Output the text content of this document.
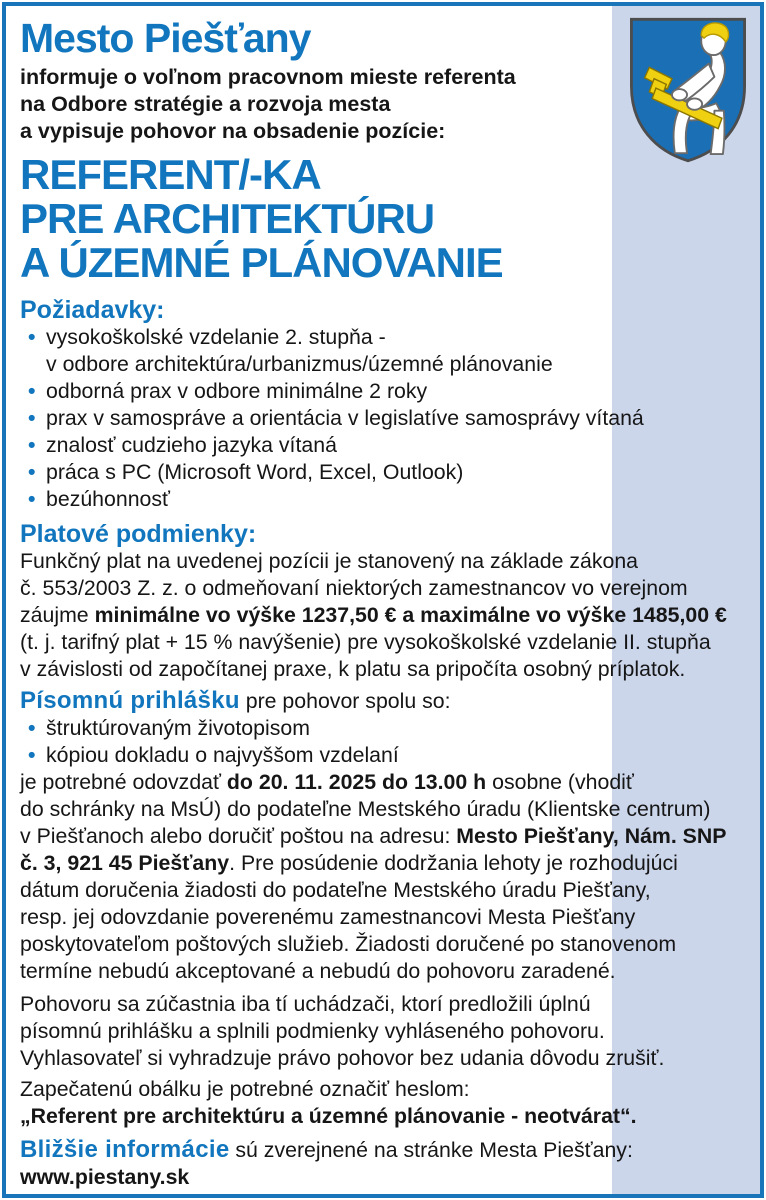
Mesto Piešťany
informuje o voľnom pracovnom mieste referenta
na Odbore stratégie a rozvoja mesta
a vypisuje pohovor na obsadenie pozície:
REFERENT/-KA
PRE ARCHITEKTÚRU
A ÚZEMNÉ PLÁNOVANIE
Požiadavky:
• vysokoškolské vzdelanie 2. stupňa -
v odbore architektúra/urbanizmus/územné plánovanie
• odborná prax v odbore minimálne 2 roky
• prax v samospráve a orientácia v legislatíve samosprávy vítaná
• znalosť cudzieho jazyka vítaná
• práca s PC (Microsoft Word, Excel, Outlook)
• bezúhonnosť
Platové podmienky:
Funkčný plat na uvedenej pozícii je stanovený na základe zákona
č. 553/2003 Z. z. o odmeňovaní niektorých zamestnancov vo verejnom
záujme minimálne vo výške 1237,50 € a maximálne vo výške 1485,00 €
(t. j. tarifný plat + 15 % navýšenie) pre vysokoškolské vzdelanie II. stupňa
v závislosti od započítanej praxe, k platu sa pripočíta osobný príplatok.
Písomnú prihlášku pre pohovor spolu so:
• štruktúrovaným životopisom
• kópiou dokladu o najvyššom vzdelaní
je potrebné odovzdať do 20. 11. 2025 do 13.00 h osobne (vhodiť
do schránky na MsÚ) do podateľne Mestského úradu (Klientske centrum)
v Piešťanoch alebo doručiť poštou na adresu: Mesto Piešťany, Nám. SNP
č. 3, 921 45 Piešťany. Pre posúdenie dodržania lehoty je rozhodujúci
dátum doručenia žiadosti do podateľne Mestského úradu Piešťany,
resp. jej odovzdanie poverenému zamestnancovi Mesta Piešťany
poskytovateľom poštových služieb. Žiadosti doručené po stanovenom
termíne nebudú akceptované a nebudú do pohovoru zaradené.
Pohovoru sa zúčastnia iba tí uchádzači, ktorí predložili úplnú
písomnú prihlášku a splnili podmienky vyhláseného pohovoru.
Vyhlasovateľ si vyhradzuje právo pohovor bez udania dôvodu zrušiť.
Zapečatenú obálku je potrebné označiť heslom:
„Referent pre architektúru a územné plánovanie - neotvárat“.
Bližšie informácie sú zverejnené na stránke Mesta Piešťany:
www.piestany.sk
